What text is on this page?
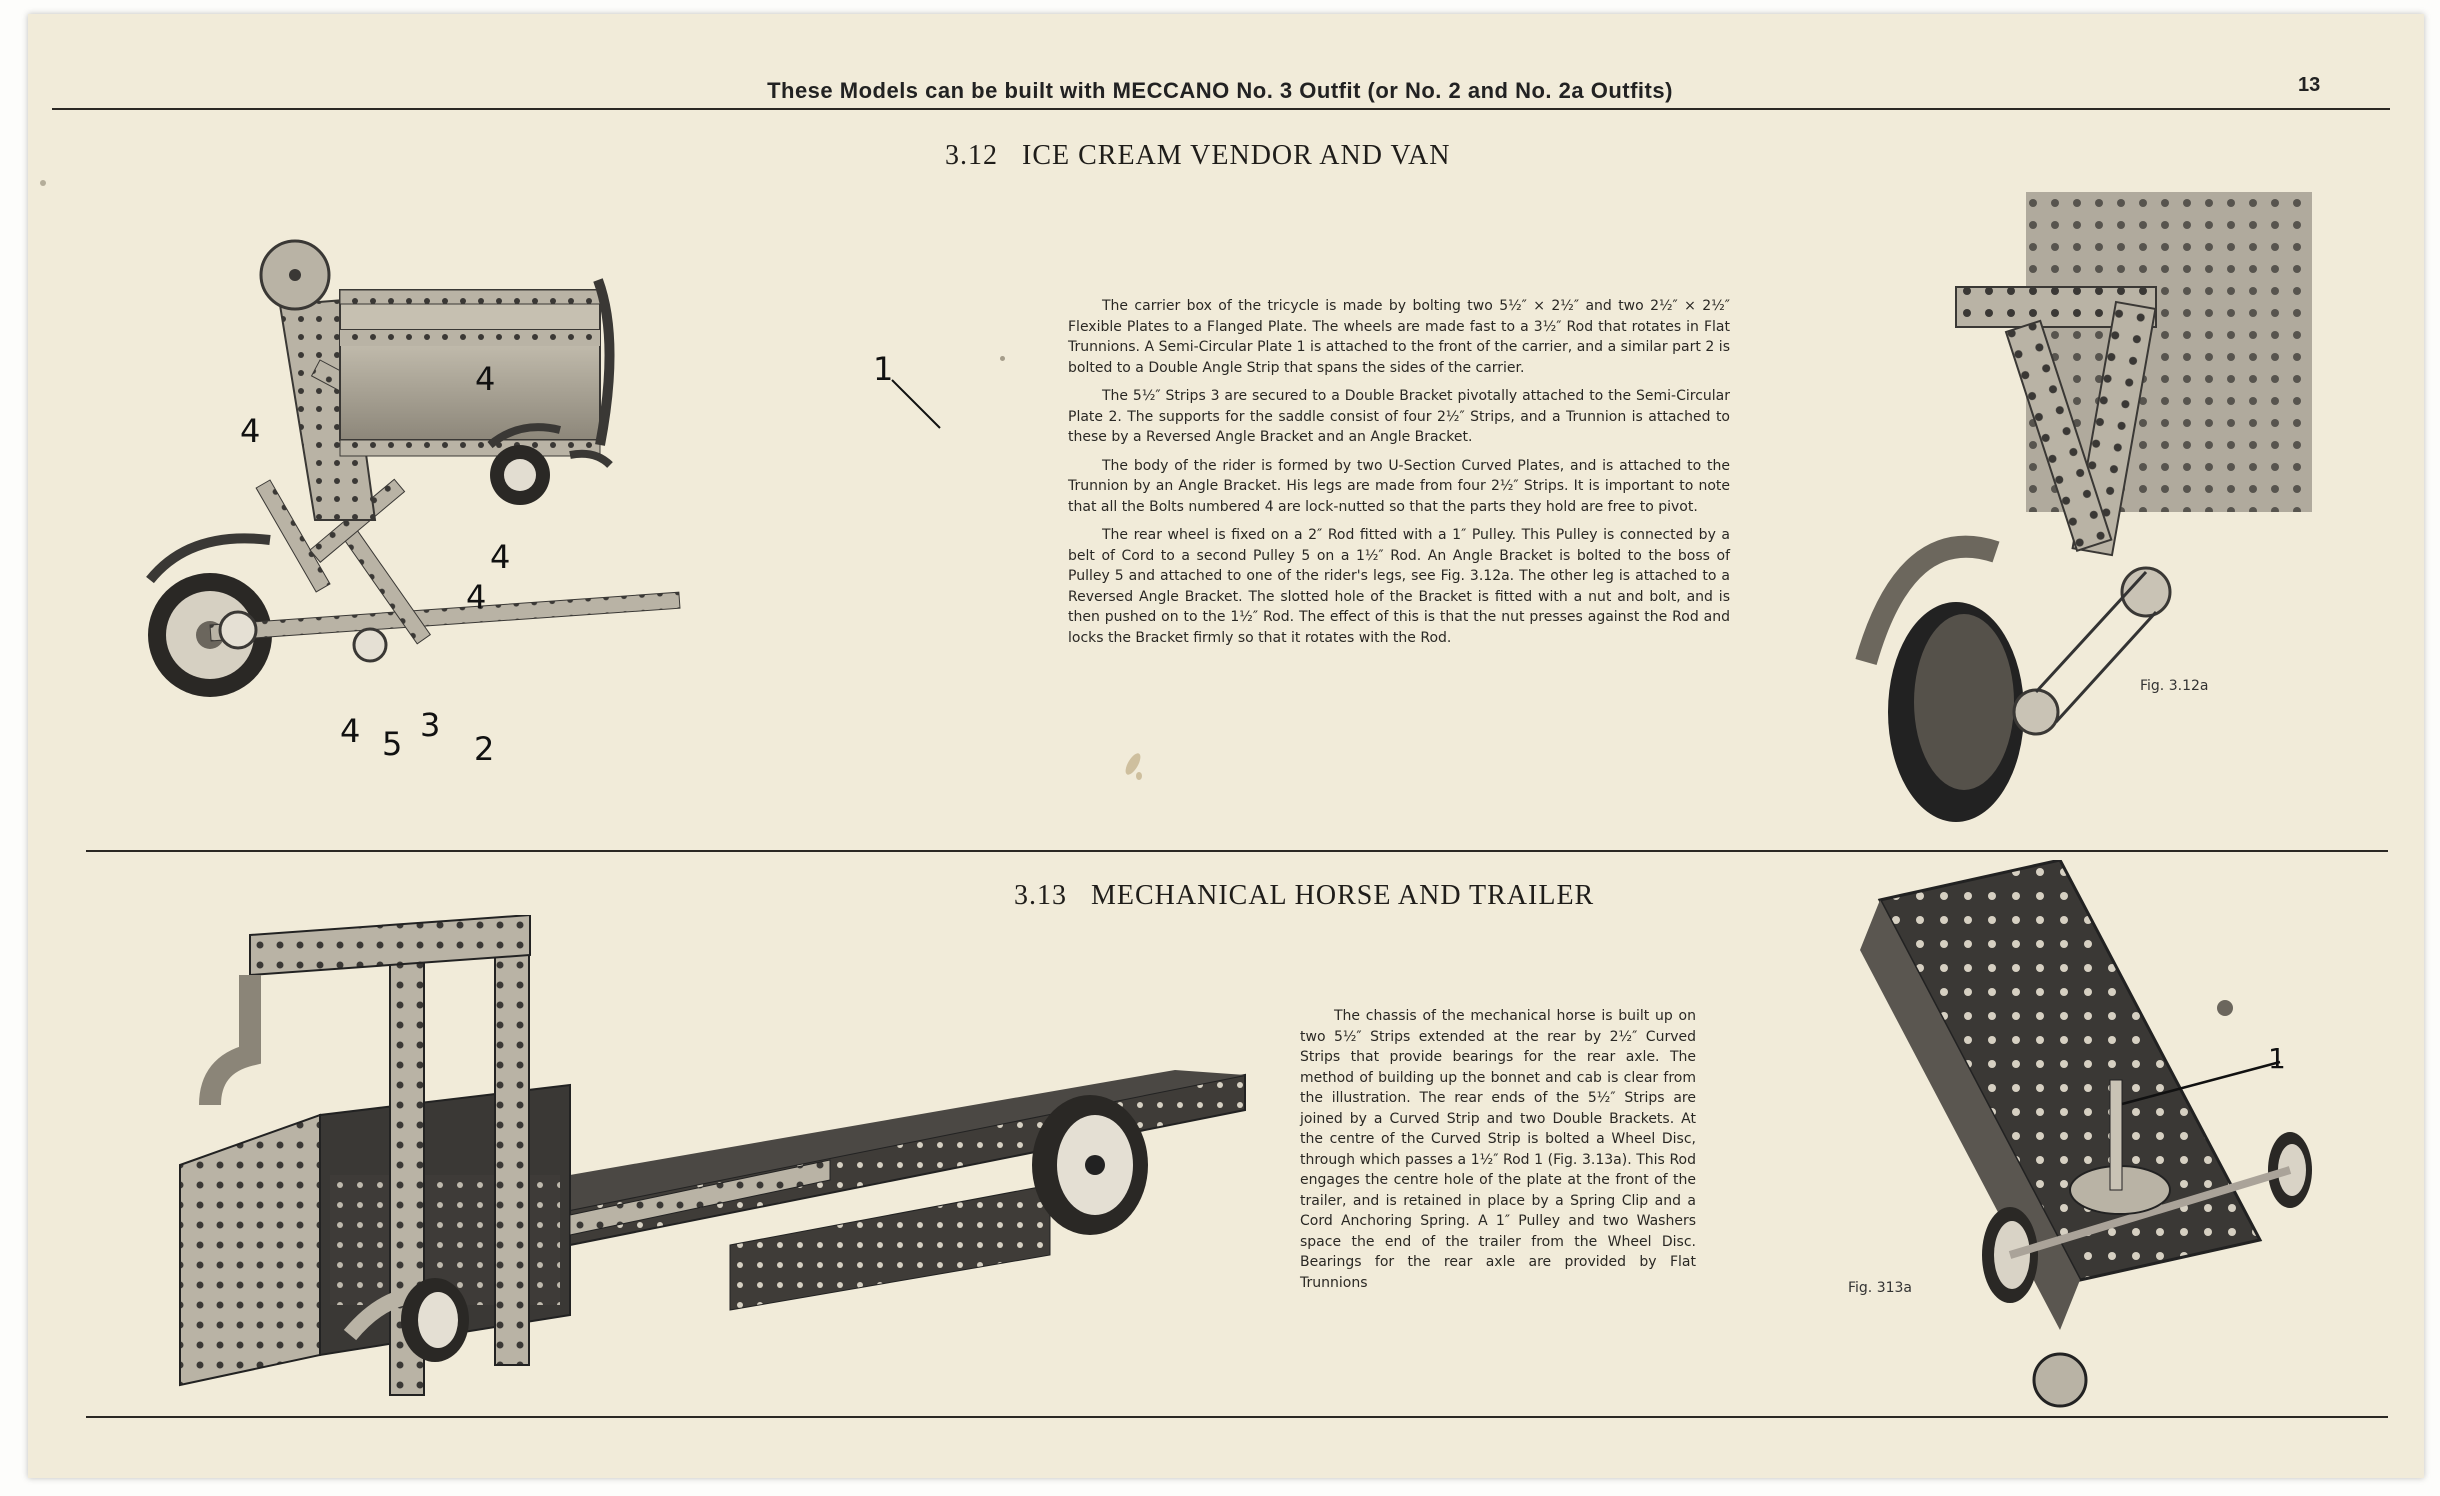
These Models can be built with MECCANO No. 3 Outfit (or No. 2 and No. 2a Outfits)	13
3.12 ICE CREAM VENDOR AND VAN

The carrier box of the tricycle is made by bolting two 5½″ × 2½″ and two 2½″ × 2½″ Flexible Plates to a Flanged Plate. The wheels are made fast to a 3½″ Rod that rotates in Flat Trunnions. A Semi-Circular Plate 1 is attached to the front of the carrier, and a similar part 2 is bolted to a Double Angle Strip that spans the sides of the carrier.

The 5½″ Strips 3 are secured to a Double Bracket pivotally attached to the Semi-Circular Plate 2. The supports for the saddle consist of four 2½″ Strips, and a Trunnion is attached to these by a Reversed Angle Bracket and an Angle Bracket.

The body of the rider is formed by two U-Section Curved Plates, and is attached to the Trunnion by an Angle Bracket. His legs are made from four 2½″ Strips. It is important to note that all the Bolts numbered 4 are lock-nutted so that the parts they hold are free to pivot.

The rear wheel is fixed on a 2″ Rod fitted with a 1″ Pulley. This Pulley is connected by a belt of Cord to a second Pulley 5 on a 1½″ Rod. An Angle Bracket is bolted to the boss of Pulley 5 and attached to one of the rider's legs, see Fig. 3.12a. The other leg is attached to a Reversed Angle Bracket. The slotted hole of the Bracket is fitted with a nut and bolt, and is then pushed on to the 1½″ Rod. The effect of this is that the nut presses against the Rod and locks the Bracket firmly so that it rotates with the Rod.

1
4
4
4
4
4 5 3
2
Fig. 3.12a
3.13 MECHANICAL HORSE AND TRAILER

The chassis of the mechanical horse is built up on two 5½″ Strips extended at the rear by 2½″ Curved Strips that provide bearings for the rear axle. The method of building up the bonnet and cab is clear from the illustration. The rear ends of the 5½″ Strips are joined by a Curved Strip and two Double Brackets. At the centre of the Curved Strip is bolted a Wheel Disc, through which passes a 1½″ Rod 1 (Fig. 3.13a). This Rod engages the centre hole of the plate at the front of the trailer, and is retained in place by a Spring Clip and a Cord Anchoring Spring. A 1″ Pulley and two Washers space the end of the trailer from the Wheel Disc. Bearings for the rear axle are provided by Flat Trunnions

1
Fig. 313a
